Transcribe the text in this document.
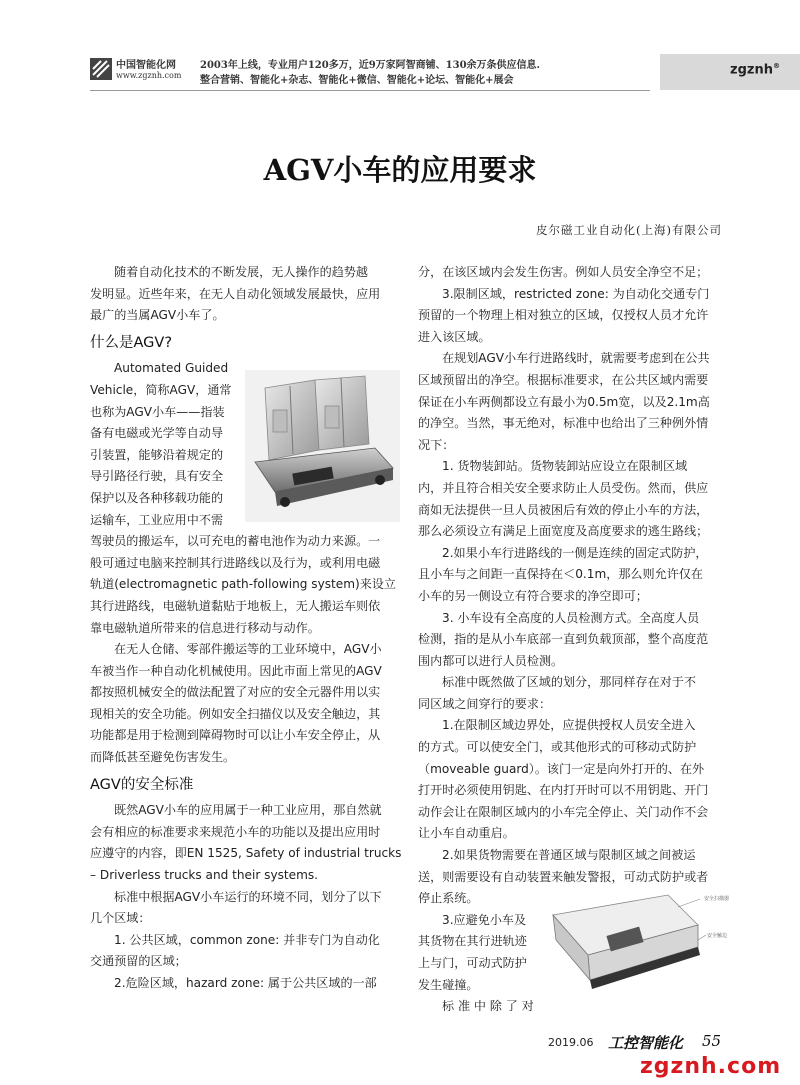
中国智能化网
www.zgznh.com
2003年上线，专业用户120多万，近9万家阿智商铺、130余万条供应信息.
整合营销、智能化+杂志、智能化+微信、智能化+论坛、智能化+展会
zgznh®
AGV小车的应用要求
皮尔磁工业自动化(上海)有限公司

随着自动化技术的不断发展，无人操作的趋势越

发明显。近些年来，在无人自动化领域发展最快，应用

最广的当属AGV小车了。

什么是AGV?

Automated Guided

Vehicle，简称AGV，通常

也称为AGV小车——指装

备有电磁或光学等自动导

引装置，能够沿着规定的

导引路径行驶，具有安全

保护以及各种移载功能的

运输车，工业应用中不需

驾驶员的搬运车，以可充电的蓄电池作为动力来源。一

般可通过电脑来控制其行进路线以及行为，或利用电磁

轨道(electromagnetic path-following system)来设立

其行进路线，电磁轨道黏贴于地板上，无人搬运车则依

靠电磁轨道所带来的信息进行移动与动作。

在无人仓储、零部件搬运等的工业环境中，AGV小

车被当作一种自动化机械使用。因此市面上常见的AGV

都按照机械安全的做法配置了对应的安全元器件用以实

现相关的安全功能。例如安全扫描仪以及安全触边，其

功能都是用于检测到障碍物时可以让小车安全停止，从

而降低甚至避免伤害发生。

AGV的安全标准

既然AGV小车的应用属于一种工业应用，那自然就

会有相应的标准要求来规范小车的功能以及提出应用时

应遵守的内容，即EN 1525, Safety of industrial trucks

– Driverless trucks and their systems.

标准中根据AGV小车运行的环境不同，划分了以下

几个区域：

1. 公共区域，common zone: 并非专门为自动化

交通预留的区域；

2.危险区域，hazard zone: 属于公共区域的一部

分，在该区域内会发生伤害。例如人员安全净空不足；

3.限制区域，restricted zone: 为自动化交通专门

预留的一个物理上相对独立的区域，仅授权人员才允许

进入该区域。

在规划AGV小车行进路线时，就需要考虑到在公共

区域预留出的净空。根据标准要求，在公共区域内需要

保证在小车两侧都设立有最小为0.5m宽，以及2.1m高

的净空。当然，事无绝对，标准中也给出了三种例外情

况下：

1. 货物装卸站。货物装卸站应设立在限制区域

内，并且符合相关安全要求防止人员受伤。然而，供应

商如无法提供一旦人员被困后有效的停止小车的方法，

那么必须设立有满足上面宽度及高度要求的逃生路线；

2.如果小车行进路线的一侧是连续的固定式防护，

且小车与之间距一直保持在＜0.1m，那么则允许仅在

小车的另一侧设立有符合要求的净空即可；

3. 小车设有全高度的人员检测方式。全高度人员

检测，指的是从小车底部一直到负载顶部，整个高度范

围内都可以进行人员检测。

标准中既然做了区域的划分，那同样存在对于不

同区域之间穿行的要求：

1.在限制区域边界处，应提供授权人员安全进入

的方式。可以使安全门，或其他形式的可移动式防护

（moveable guard）。该门一定是向外打开的、在外

打开时必须使用钥匙、在内打开时可以不用钥匙、开门

动作会让在限制区域内的小车完全停止、关门动作不会

让小车自动重启。

2.如果货物需要在普通区域与限制区域之间被运

送，则需要设有自动装置来触发警报，可动式防护或者

停止系统。

3.应避免小车及

其货物在其行进轨迹

上与门，可动式防护

发生碰撞。

标 准 中 除 了 对

安全扫描器
安全触边
2019.06 工控智能化 55
zgznh.com
